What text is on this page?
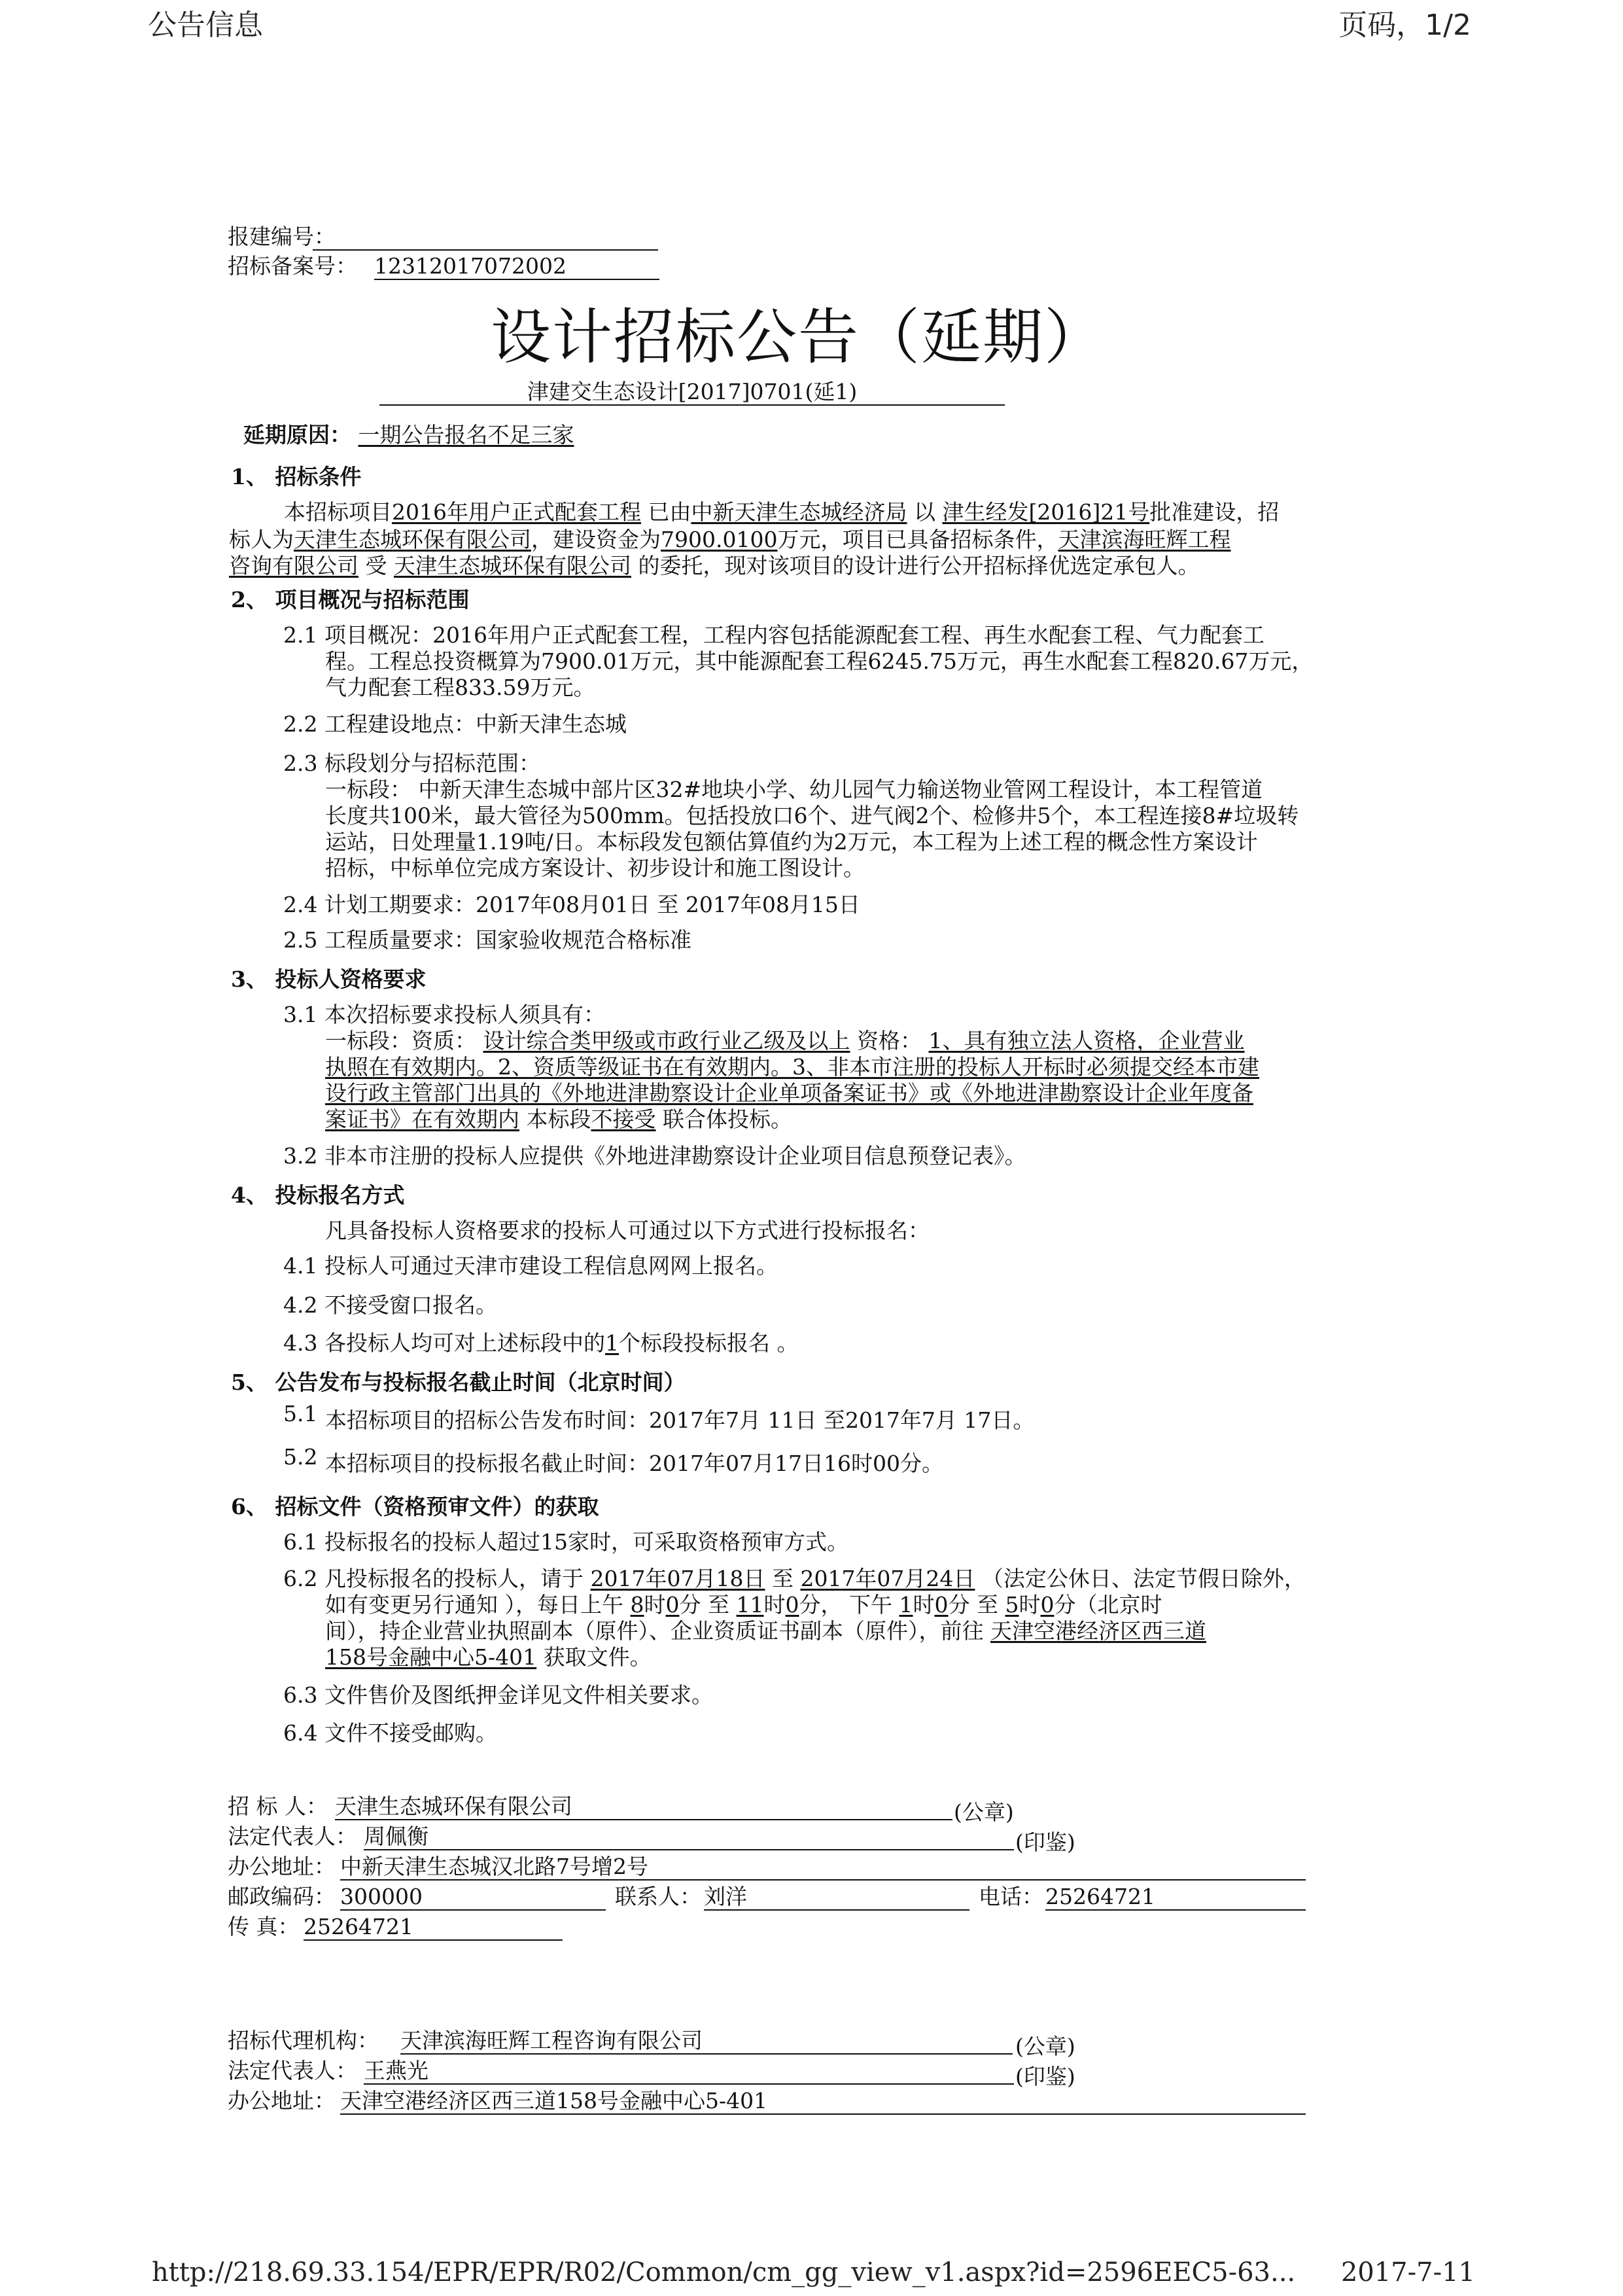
公告信息	页码，1/2
报建编号：
招标备案号： 12312017072002
设计招标公告（延期）
津建交生态设计[2017]0701(延1)
延期原因： 一期公告报名不足三家
1、 招标条件
本招标项目2016年用户正式配套工程 已由中新天津生态城经济局 以 津生经发[2016]21号批准建设，招
标人为天津生态城环保有限公司，建设资金为7900.0100万元，项目已具备招标条件，天津滨海旺辉工程
咨询有限公司 受 天津生态城环保有限公司 的委托，现对该项目的设计进行公开招标择优选定承包人。
2、 项目概况与招标范围
2.1 项目概况：2016年用户正式配套工程，工程内容包括能源配套工程、再生水配套工程、气力配套工
程。工程总投资概算为7900.01万元，其中能源配套工程6245.75万元，再生水配套工程820.67万元，
气力配套工程833.59万元。
2.2 工程建设地点：中新天津生态城
2.3 标段划分与招标范围：
一标段： 中新天津生态城中部片区32#地块小学、幼儿园气力输送物业管网工程设计，本工程管道
长度共100米，最大管径为500mm。包括投放口6个、进气阀2个、检修井5个，本工程连接8#垃圾转
运站，日处理量1.19吨/日。本标段发包额估算值约为2万元，本工程为上述工程的概念性方案设计
招标，中标单位完成方案设计、初步设计和施工图设计。
2.4 计划工期要求：2017年08月01日 至 2017年08月15日
2.5 工程质量要求：国家验收规范合格标准
3、 投标人资格要求
3.1 本次招标要求投标人须具有：
一标段：资质： 设计综合类甲级或市政行业乙级及以上 资格： 1、具有独立法人资格，企业营业
执照在有效期内。2、资质等级证书在有效期内。3、非本市注册的投标人开标时必须提交经本市建
设行政主管部门出具的《外地进津勘察设计企业单项备案证书》或《外地进津勘察设计企业年度备
案证书》在有效期内 本标段不接受 联合体投标。
3.2 非本市注册的投标人应提供《外地进津勘察设计企业项目信息预登记表》。
4、 投标报名方式
凡具备投标人资格要求的投标人可通过以下方式进行投标报名：
4.1 投标人可通过天津市建设工程信息网网上报名。
4.2 不接受窗口报名。
4.3 各投标人均可对上述标段中的1个标段投标报名 。
5、 公告发布与投标报名截止时间（北京时间）
5.1 本招标项目的招标公告发布时间：2017年7月 11日 至2017年7月 17日。
5.2 本招标项目的投标报名截止时间：2017年07月17日16时00分。
6、 招标文件（资格预审文件）的获取
6.1 投标报名的投标人超过15家时，可采取资格预审方式。
6.2 凡投标报名的投标人，请于 2017年07月18日 至 2017年07月24日 （法定公休日、法定节假日除外，
如有变更另行通知 ），每日上午 8时0分 至 11时0分， 下午 1时0分 至 5时0分（北京时
间），持企业营业执照副本（原件）、企业资质证书副本（原件），前往 天津空港经济区西三道
158号金融中心5-401 获取文件。
6.3 文件售价及图纸押金详见文件相关要求。
6.4 文件不接受邮购。
招 标 人： 天津生态城环保有限公司	(公章)
法定代表人： 周佩衡	(印鉴)
办公地址： 中新天津生态城汉北路7号增2号
邮政编码： 300000	联系人： 刘洋	电话： 25264721
传 真： 25264721
招标代理机构： 天津滨海旺辉工程咨询有限公司	(公章)
法定代表人： 王燕光	(印鉴)
办公地址： 天津空港经济区西三道158号金融中心5-401
http://218.69.33.154/EPR/EPR/R02/Common/cm_gg_view_v1.aspx?id=2596EEC5-63... 2017-7-11
